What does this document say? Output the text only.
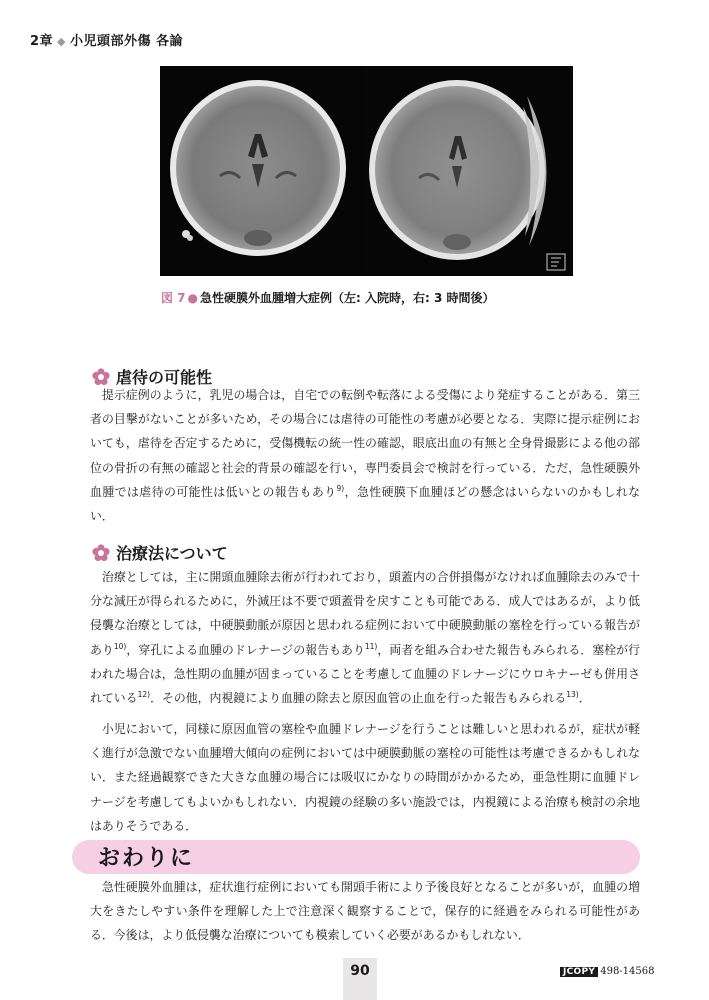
2章 ◆ 小児頭部外傷 各論
図 7 ● 急性硬膜外血腫増大症例（左: 入院時，右: 3 時間後）
虐待の可能性

提示症例のように，乳児の場合は，自宅での転倒や転落による受傷により発症することがある．第三者の目撃がないことが多いため，その場合には虐待の可能性の考慮が必要となる．実際に提示症例においても，虐待を否定するために，受傷機転の統一性の確認，眼底出血の有無と全身骨撮影による他の部位の骨折の有無の確認と社会的背景の確認を行い，専門委員会で検討を行っている．ただ，急性硬膜外血腫では虐待の可能性は低いとの報告もあり$^{9)}$，急性硬膜下血腫ほどの懸念はいらないのかもしれない．

治療法について

治療としては，主に開頭血腫除去術が行われており，頭蓋内の合併損傷がなければ血腫除去のみで十分な減圧が得られるために，外減圧は不要で頭蓋骨を戻すことも可能である．成人ではあるが，より低侵襲な治療としては，中硬膜動脈が原因と思われる症例において中硬膜動脈の塞栓を行っている報告があり$^{10)}$，穿孔による血腫のドレナージの報告もあり$^{11)}$，両者を組み合わせた報告もみられる．塞栓が行われた場合は，急性期の血腫が固まっていることを考慮して血腫のドレナージにウロキナーゼも併用されている$^{12)}$．その他，内視鏡により血腫の除去と原因血管の止血を行った報告もみられる$^{13)}$．

小児において，同様に原因血管の塞栓や血腫ドレナージを行うことは難しいと思われるが，症状が軽く進行が急激でない血腫増大傾向の症例においては中硬膜動脈の塞栓の可能性は考慮できるかもしれない．また経過観察できた大きな血腫の場合には吸収にかなりの時間がかかるため，亜急性期に血腫ドレナージを考慮してもよいかもしれない．内視鏡の経験の多い施設では，内視鏡による治療も検討の余地はありそうである．

おわりに

急性硬膜外血腫は，症状進行症例においても開頭手術により予後良好となることが多いが，血腫の増大をきたしやすい条件を理解した上で注意深く観察することで，保存的に経過をみられる可能性がある．今後は，より低侵襲な治療についても模索していく必要があるかもしれない．

90	JCOPY 498-14568
